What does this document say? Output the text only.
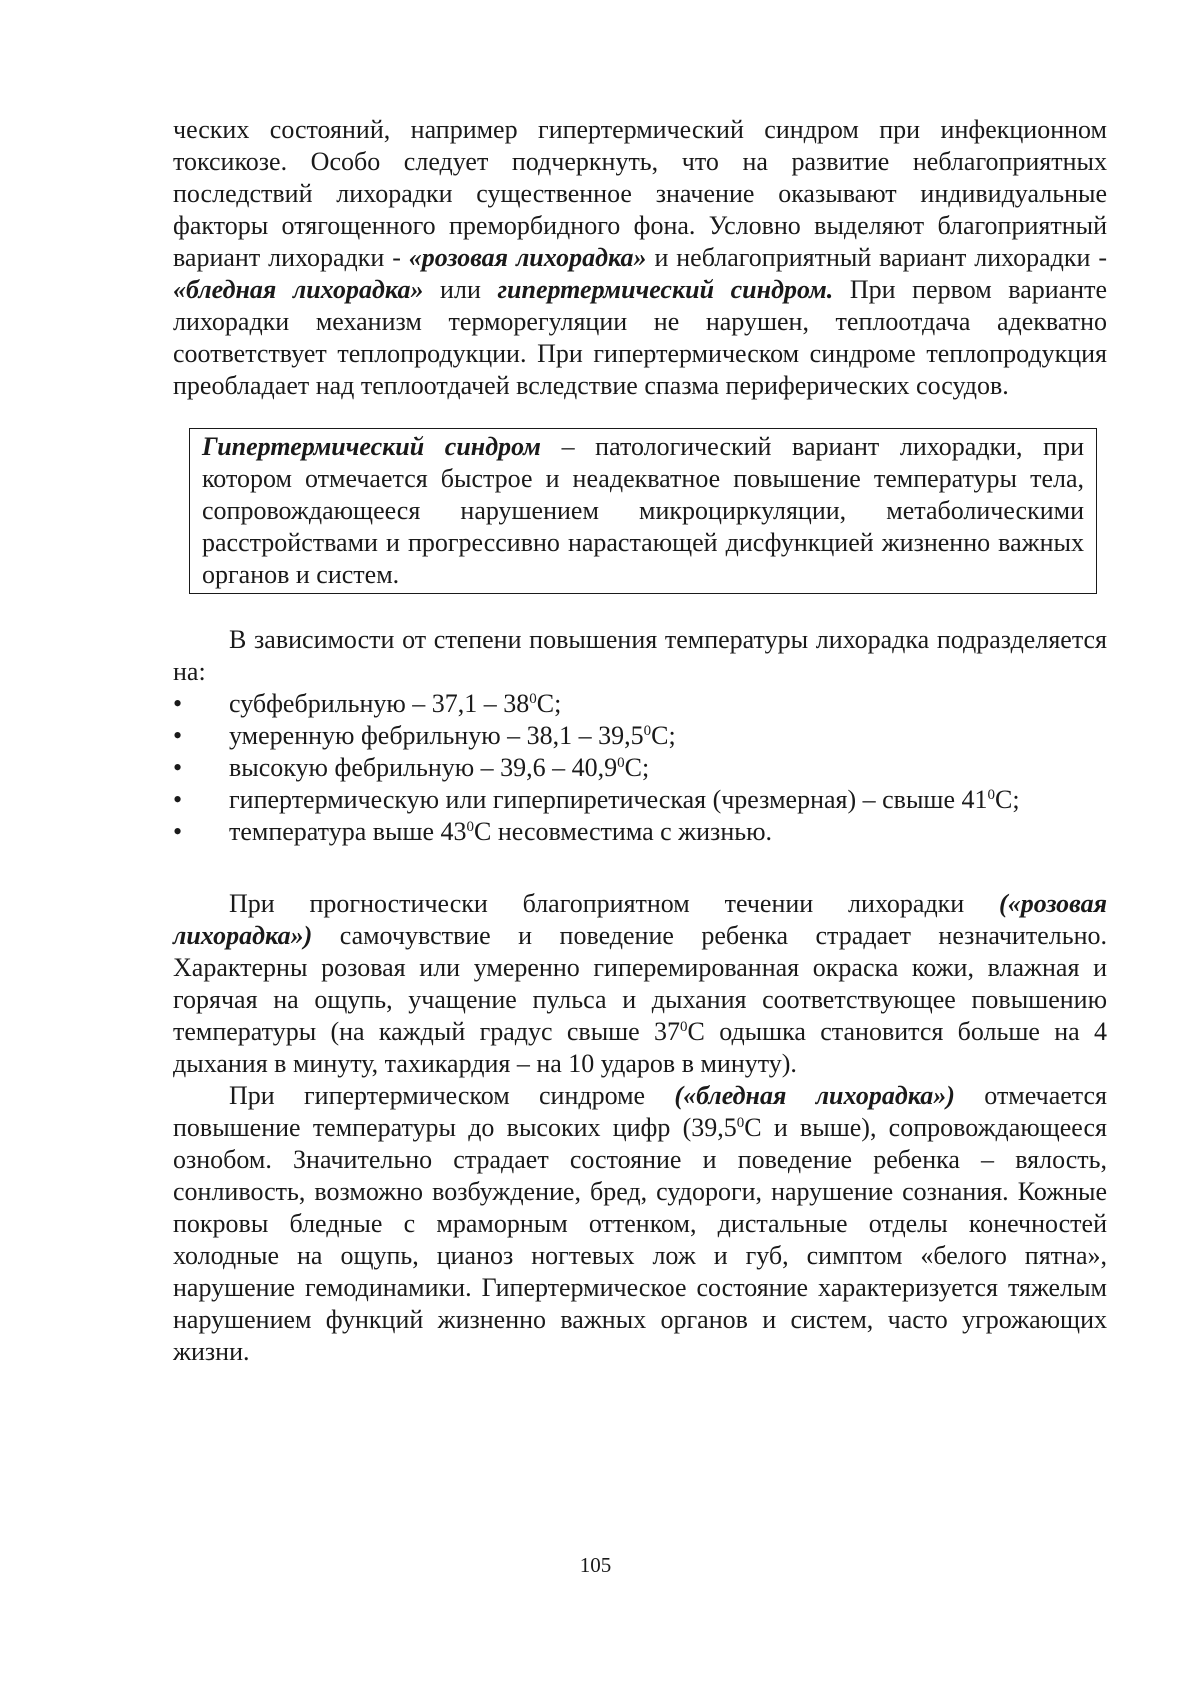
ческих состояний, например гипертермический синдром при инфекционном токсикозе. Особо следует подчеркнуть, что на развитие неблагоприятных последствий лихорадки существенное значение оказывают индивидуальные факторы отягощенного преморбидного фона. Условно выделяют благоприятный вариант лихорадки - «розовая лихорадка» и неблагоприятный вариант лихорадки - «бледная лихорадка» или гипертермический синдром. При первом варианте лихорадки механизм терморегуляции не нарушен, теплоотдача адекватно соответствует теплопродукции. При гипертермическом синдроме теплопродукция преобладает над теплоотдачей вследствие спазма периферических сосудов.

Гипертермический синдром – патологический вариант лихорадки, при котором отмечается быстрое и неадекватное повышение температуры тела, сопровождающееся нарушением микроциркуляции, метаболическими расстройствами и прогрессивно нарастающей дисфункцией жизненно важных органов и систем.

В зависимости от степени повышения температуры лихорадка подразделяется на:

•	субфебрильную – $37,1 - 38^0С$;
•	умеренную фебрильную – 38,1 – 39,5$^0$С;
•	высокую фебрильную – 39,6 – 40,9$^0$С;
•	гипертермическую или гиперпиретическая (чрезмерная) – свыше $41^0С$;
•	температура выше $43^0С$ несовместима с жизнью.

При прогностически благоприятном течении лихорадки («розовая лихорадка») самочувствие и поведение ребенка страдает незначительно. Характерны розовая или умеренно гиперемированная окраска кожи, влажная и горячая на ощупь, учащение пульса и дыхания соответствующее повышению температуры (на каждый градус свыше $37^0С$ одышка становится больше на 4 дыхания в минуту, тахикардия – на 10 ударов в минуту).

При гипертермическом синдроме («бледная лихорадка») отмечается повышение температуры до высоких цифр (39,5$^0$С и выше), сопровождающееся ознобом. Значительно страдает состояние и поведение ребенка – вялость, сонливость, возможно возбуждение, бред, судороги, нарушение сознания. Кожные покровы бледные с мраморным оттенком, дистальные отделы конечностей холодные на ощупь, цианоз ногтевых лож и губ, симптом «белого пятна», нарушение гемодинамики. Гипертермическое состояние характеризуется тяжелым нарушением функций жизненно важных органов и систем, часто угрожающих жизни.

105
